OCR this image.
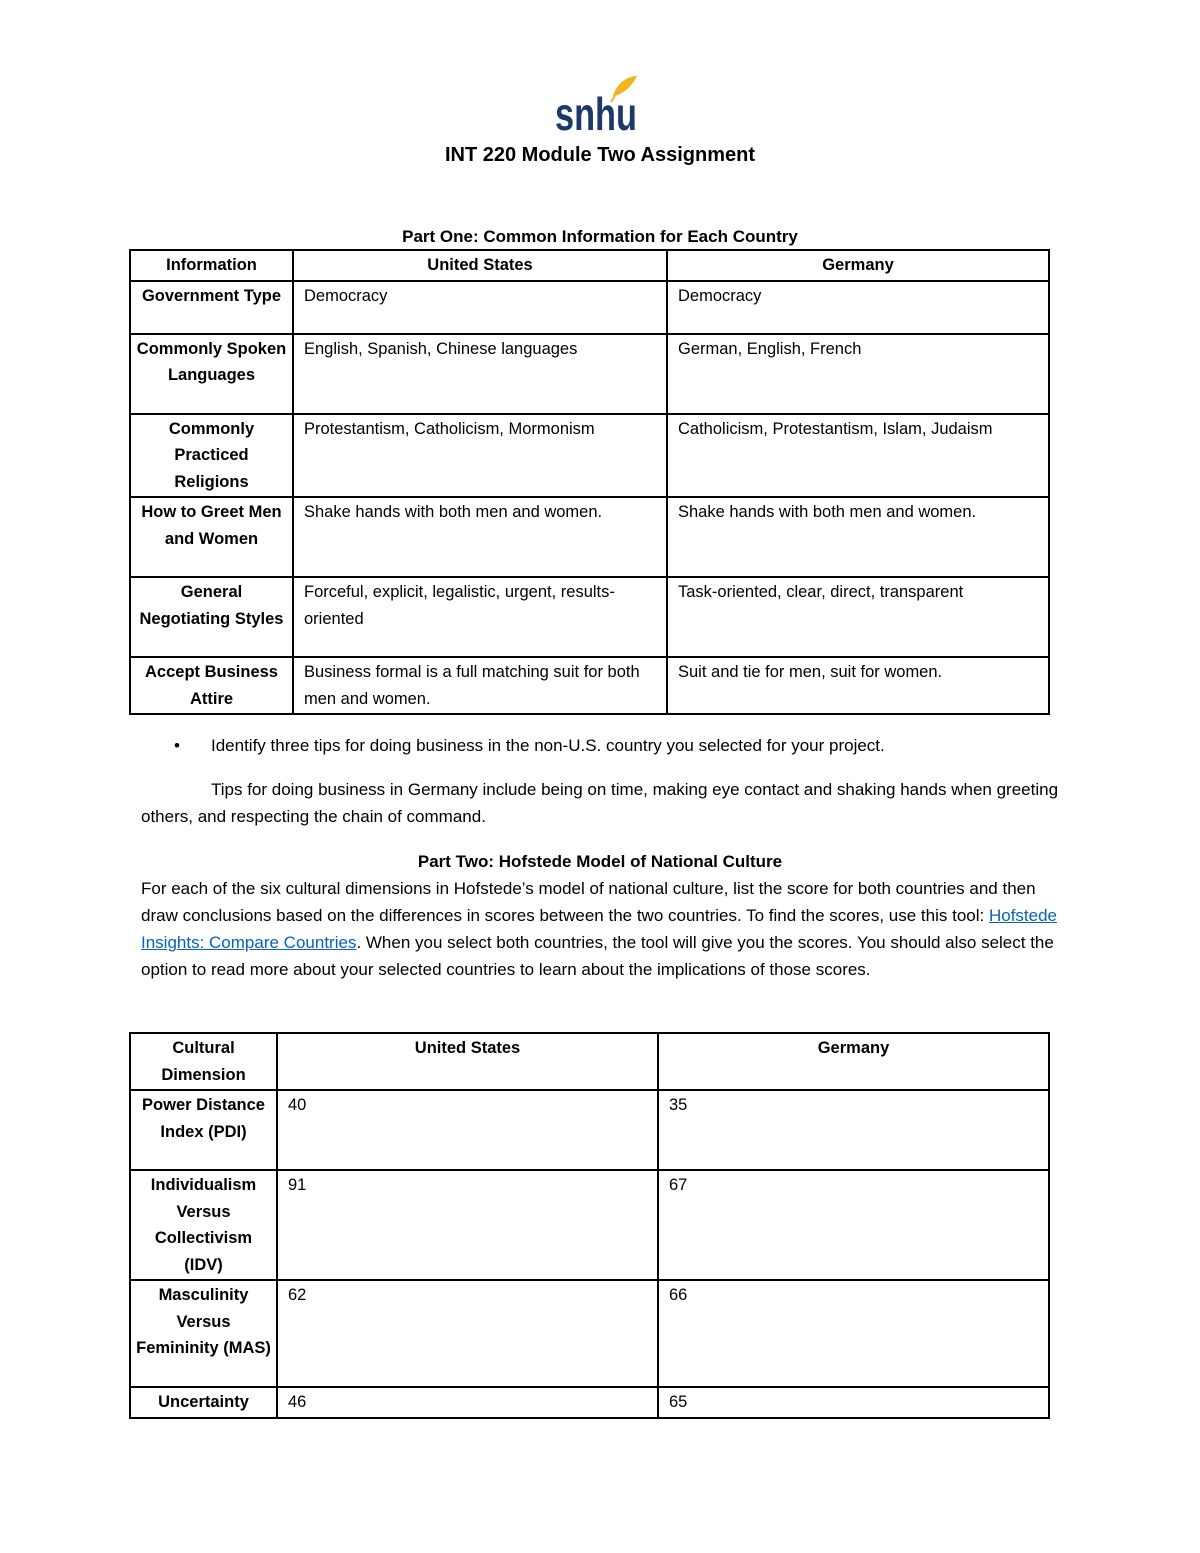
snhu
INT 220 Module Two Assignment
Part One: Common Information for Each Country
Information	United States	Germany
Government Type	Democracy	Democracy
Commonly Spoken Languages	English, Spanish, Chinese languages	German, English, French
Commonly Practiced Religions	Protestantism, Catholicism, Mormonism	Catholicism, Protestantism, Islam, Judaism
How to Greet Men and Women	Shake hands with both men and women.	Shake hands with both men and women.
General Negotiating Styles	Forceful, explicit, legalistic, urgent, results-oriented	Task-oriented, clear, direct, transparent
Accept Business Attire	Business formal is a full matching suit for both men and women.	Suit and tie for men, suit for women.
• Identify three tips for doing business in the non-U.S. country you selected for your project.
Tips for doing business in Germany include being on time, making eye contact and shaking hands when greeting others, and respecting the chain of command.
Part Two: Hofstede Model of National Culture
For each of the six cultural dimensions in Hofstede’s model of national culture, list the score for both countries and then draw conclusions based on the differences in scores between the two countries. To find the scores, use this tool: Hofstede Insights: Compare Countries. When you select both countries, the tool will give you the scores. You should also select the option to read more about your selected countries to learn about the implications of those scores.
Cultural Dimension	United States	Germany
Power Distance Index (PDI)	40	35
Individualism Versus Collectivism (IDV)	91	67
Masculinity Versus Femininity (MAS)	62	66
Uncertainty	46	65
